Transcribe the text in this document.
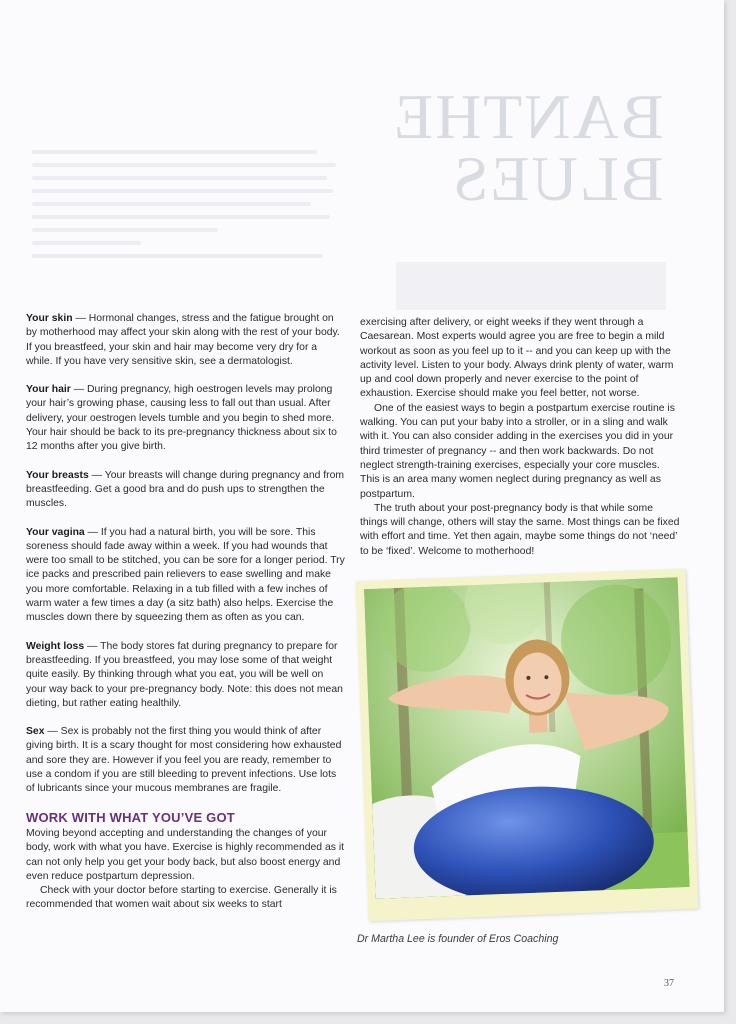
BANTHE
BLUES

Your skin — Hormonal changes, stress and the fatigue brought on by motherhood may affect your skin along with the rest of your body. If you breastfeed, your skin and hair may become very dry for a while. If you have very sensitive skin, see a dermatologist.

Your hair — During pregnancy, high oestrogen levels may prolong your hair’s growing phase, causing less to fall out than usual. After delivery, your oestrogen levels tumble and you begin to shed more. Your hair should be back to its pre-pregnancy thickness about six to 12 months after you give birth.

Your breasts — Your breasts will change during pregnancy and from breastfeeding. Get a good bra and do push ups to strengthen the muscles.

Your vagina — If you had a natural birth, you will be sore. This soreness should fade away within a week. If you had wounds that were too small to be stitched, you can be sore for a longer period. Try ice packs and prescribed pain relievers to ease swelling and make you more comfortable. Relaxing in a tub filled with a few inches of warm water a few times a day (a sitz bath) also helps. Exercise the muscles down there by squeezing them as often as you can.

Weight loss — The body stores fat during pregnancy to prepare for breastfeeding. If you breastfeed, you may lose some of that weight quite easily. By thinking through what you eat, you will be well on your way back to your pre-pregnancy body. Note: this does not mean dieting, but rather eating healthily.

Sex — Sex is probably not the first thing you would think of after giving birth. It is a scary thought for most considering how exhausted and sore they are. However if you feel you are ready, remember to use a condom if you are still bleeding to prevent infections. Use lots of lubricants since your mucous membranes are fragile.

WORK WITH WHAT YOU’VE GOT

Moving beyond accepting and understanding the changes of your body, work with what you have. Exercise is highly recommended as it can not only help you get your body back, but also boost energy and even reduce postpartum depression.

Check with your doctor before starting to exercise. Generally it is recommended that women wait about six weeks to start

exercising after delivery, or eight weeks if they went through a Caesarean. Most experts would agree you are free to begin a mild workout as soon as you feel up to it -- and you can keep up with the activity level. Listen to your body. Always drink plenty of water, warm up and cool down properly and never exercise to the point of exhaustion. Exercise should make you feel better, not worse.

One of the easiest ways to begin a postpartum exercise routine is walking. You can put your baby into a stroller, or in a sling and walk with it. You can also consider adding in the exercises you did in your third trimester of pregnancy -- and then work backwards. Do not neglect strength-training exercises, especially your core muscles. This is an area many women neglect during pregnancy as well as postpartum.

The truth about your post-pregnancy body is that while some things will change, others will stay the same. Most things can be fixed with effort and time. Yet then again, maybe some things do not ‘need’ to be ‘fixed’. Welcome to motherhood!

Dr Martha Lee is founder of Eros Coaching
37
